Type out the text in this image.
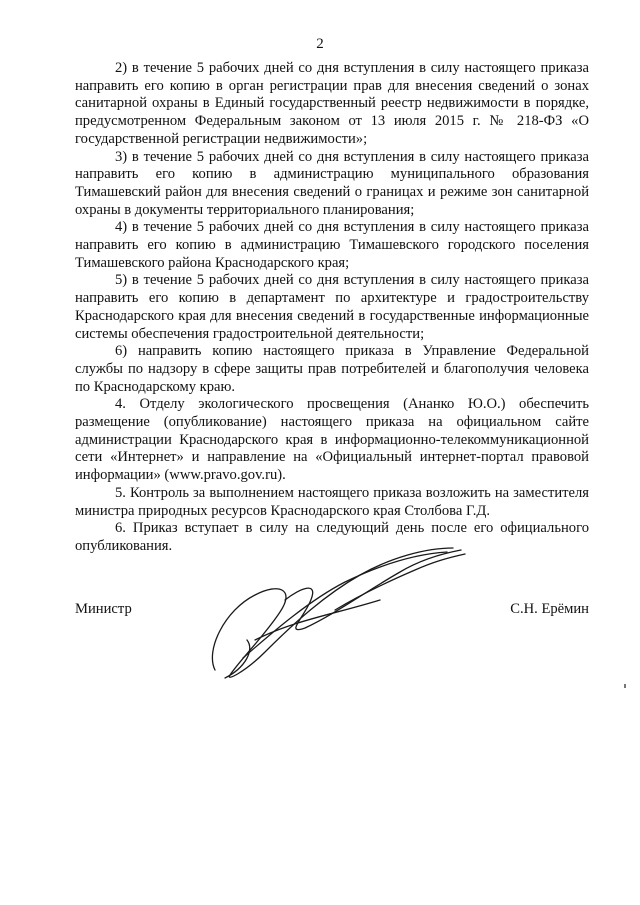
2

2) в течение 5 рабочих дней со дня вступления в силу настоящего приказа направить его копию в орган регистрации прав для внесения сведений о зонах санитарной охраны в Единый государственный реестр недвижимости в порядке, предусмотренном Федеральным законом от 13 июля 2015 г. № 218-ФЗ «О государственной регистрации недвижимости»;

3) в течение 5 рабочих дней со дня вступления в силу настоящего приказа направить его копию в администрацию муниципального образования Тимашевский район для внесения сведений о границах и режиме зон санитарной охраны в документы территориального планирования;

4) в течение 5 рабочих дней со дня вступления в силу настоящего приказа направить его копию в администрацию Тимашевского городского поселения Тимашевского района Краснодарского края;

5) в течение 5 рабочих дней со дня вступления в силу настоящего приказа направить его копию в департамент по архитектуре и градостроительству Краснодарского края для внесения сведений в государственные информационные системы обеспечения градостроительной деятельности;

6) направить копию настоящего приказа в Управление Федеральной службы по надзору в сфере защиты прав потребителей и благополучия человека по Краснодарскому краю.

4. Отделу экологического просвещения (Ананко Ю.О.) обеспечить размещение (опубликование) настоящего приказа на официальном сайте администрации Краснодарского края в информационно-телекоммуникационной сети «Интернет» и направление на «Официальный интернет-портал правовой информации» (www.pravo.gov.ru).

5. Контроль за выполнением настоящего приказа возложить на заместителя министра природных ресурсов Краснодарского края Столбова Г.Д.

6. Приказ вступает в силу на следующий день после его официального опубликования.

Министр	С.Н. Ерёмин
